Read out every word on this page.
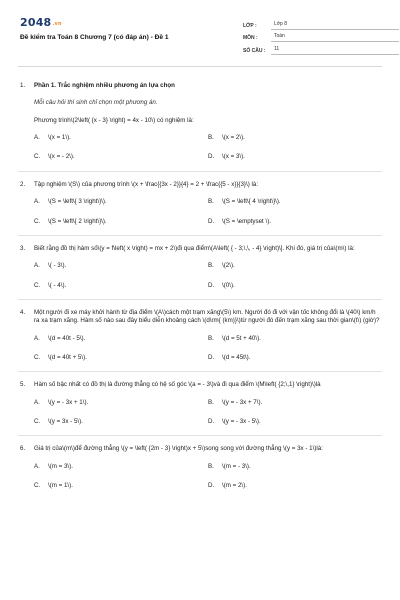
2048.vn
Đề kiểm tra Toán 8 Chương 7 (có đáp án) - Đề 1
LỚP :	Lớp 8
MÔN :	Toán
SỐ CÂU :	11
1. Phần 1. Trắc nghiệm nhiều phương án lựa chọn
Mỗi câu hỏi thí sinh chỉ chọn một phương án.
Phương trình\(2\left( {x - 3} \right) = 4x - 10\) có nghiệm là:
A.	\(x = 1\).	B.	\(x = 2\).
C.	\(x = - 2\).	D.	\(x = 3\).
2. Tập nghiệm \(S\) của phương trình \(x + \frac{{3x - 2}}{4} = 2 + \frac{{5 - x}}{3}\) là:
A.	\(S = \left\{ 3 \right\}\).	B.	\(S = \left\{ 4 \right\}\).
C.	\(S = \left\{ 2 \right\}\).	D.	\(S = \emptyset \).
3. Biết rằng đồ thị hàm số\(y = f\left( x \right) = mx + 2\)đi qua điểm\(A\left( { - 3;\,\, - 4} \right)\]. Khi đó, giá trị của\(m\) là:
A.	\( - 3\).	B.	\(2\).
C.	\( - 4\).	D.	\(0\).
4. Một người đi xe máy khởi hành từ địa điểm \(A\)cách một trạm xăng\(5\) km. Người đó đi với vận tốc không đổi là \(40\) km/h ra xa trạm xăng. Hàm số nào sau đây biểu diễn khoảng cách \(d\rm{ (km)}\)từ người đó đến trạm xăng sau thời gian\(t\) (giờ)?
A.	\(d = 40t - 5\).	B.	\(d = 5t + 40\).
C.	\(d = 40t + 5\).	D.	\(d = 45t\).
5. Hàm số bậc nhất có đồ thị là đường thẳng có hệ số góc \(a = - 3\)và đi qua điểm \(M\left( {2;\,1} \right)\)là
A.	\(y = - 3x + 1\).	B.	\(y = - 3x + 7\).
C.	\(y = 3x - 5\).	D.	\(y = - 3x - 5\).
6. Giá trị của\(m\)để đường thẳng \(y = \left( {2m - 3} \right)x + 5\)song song với đường thẳng \(y = 3x - 1\)là:
A.	\(m = 3\).	B.	\(m = - 3\).
C.	\(m = 1\).	D.	\(m = 2\).
